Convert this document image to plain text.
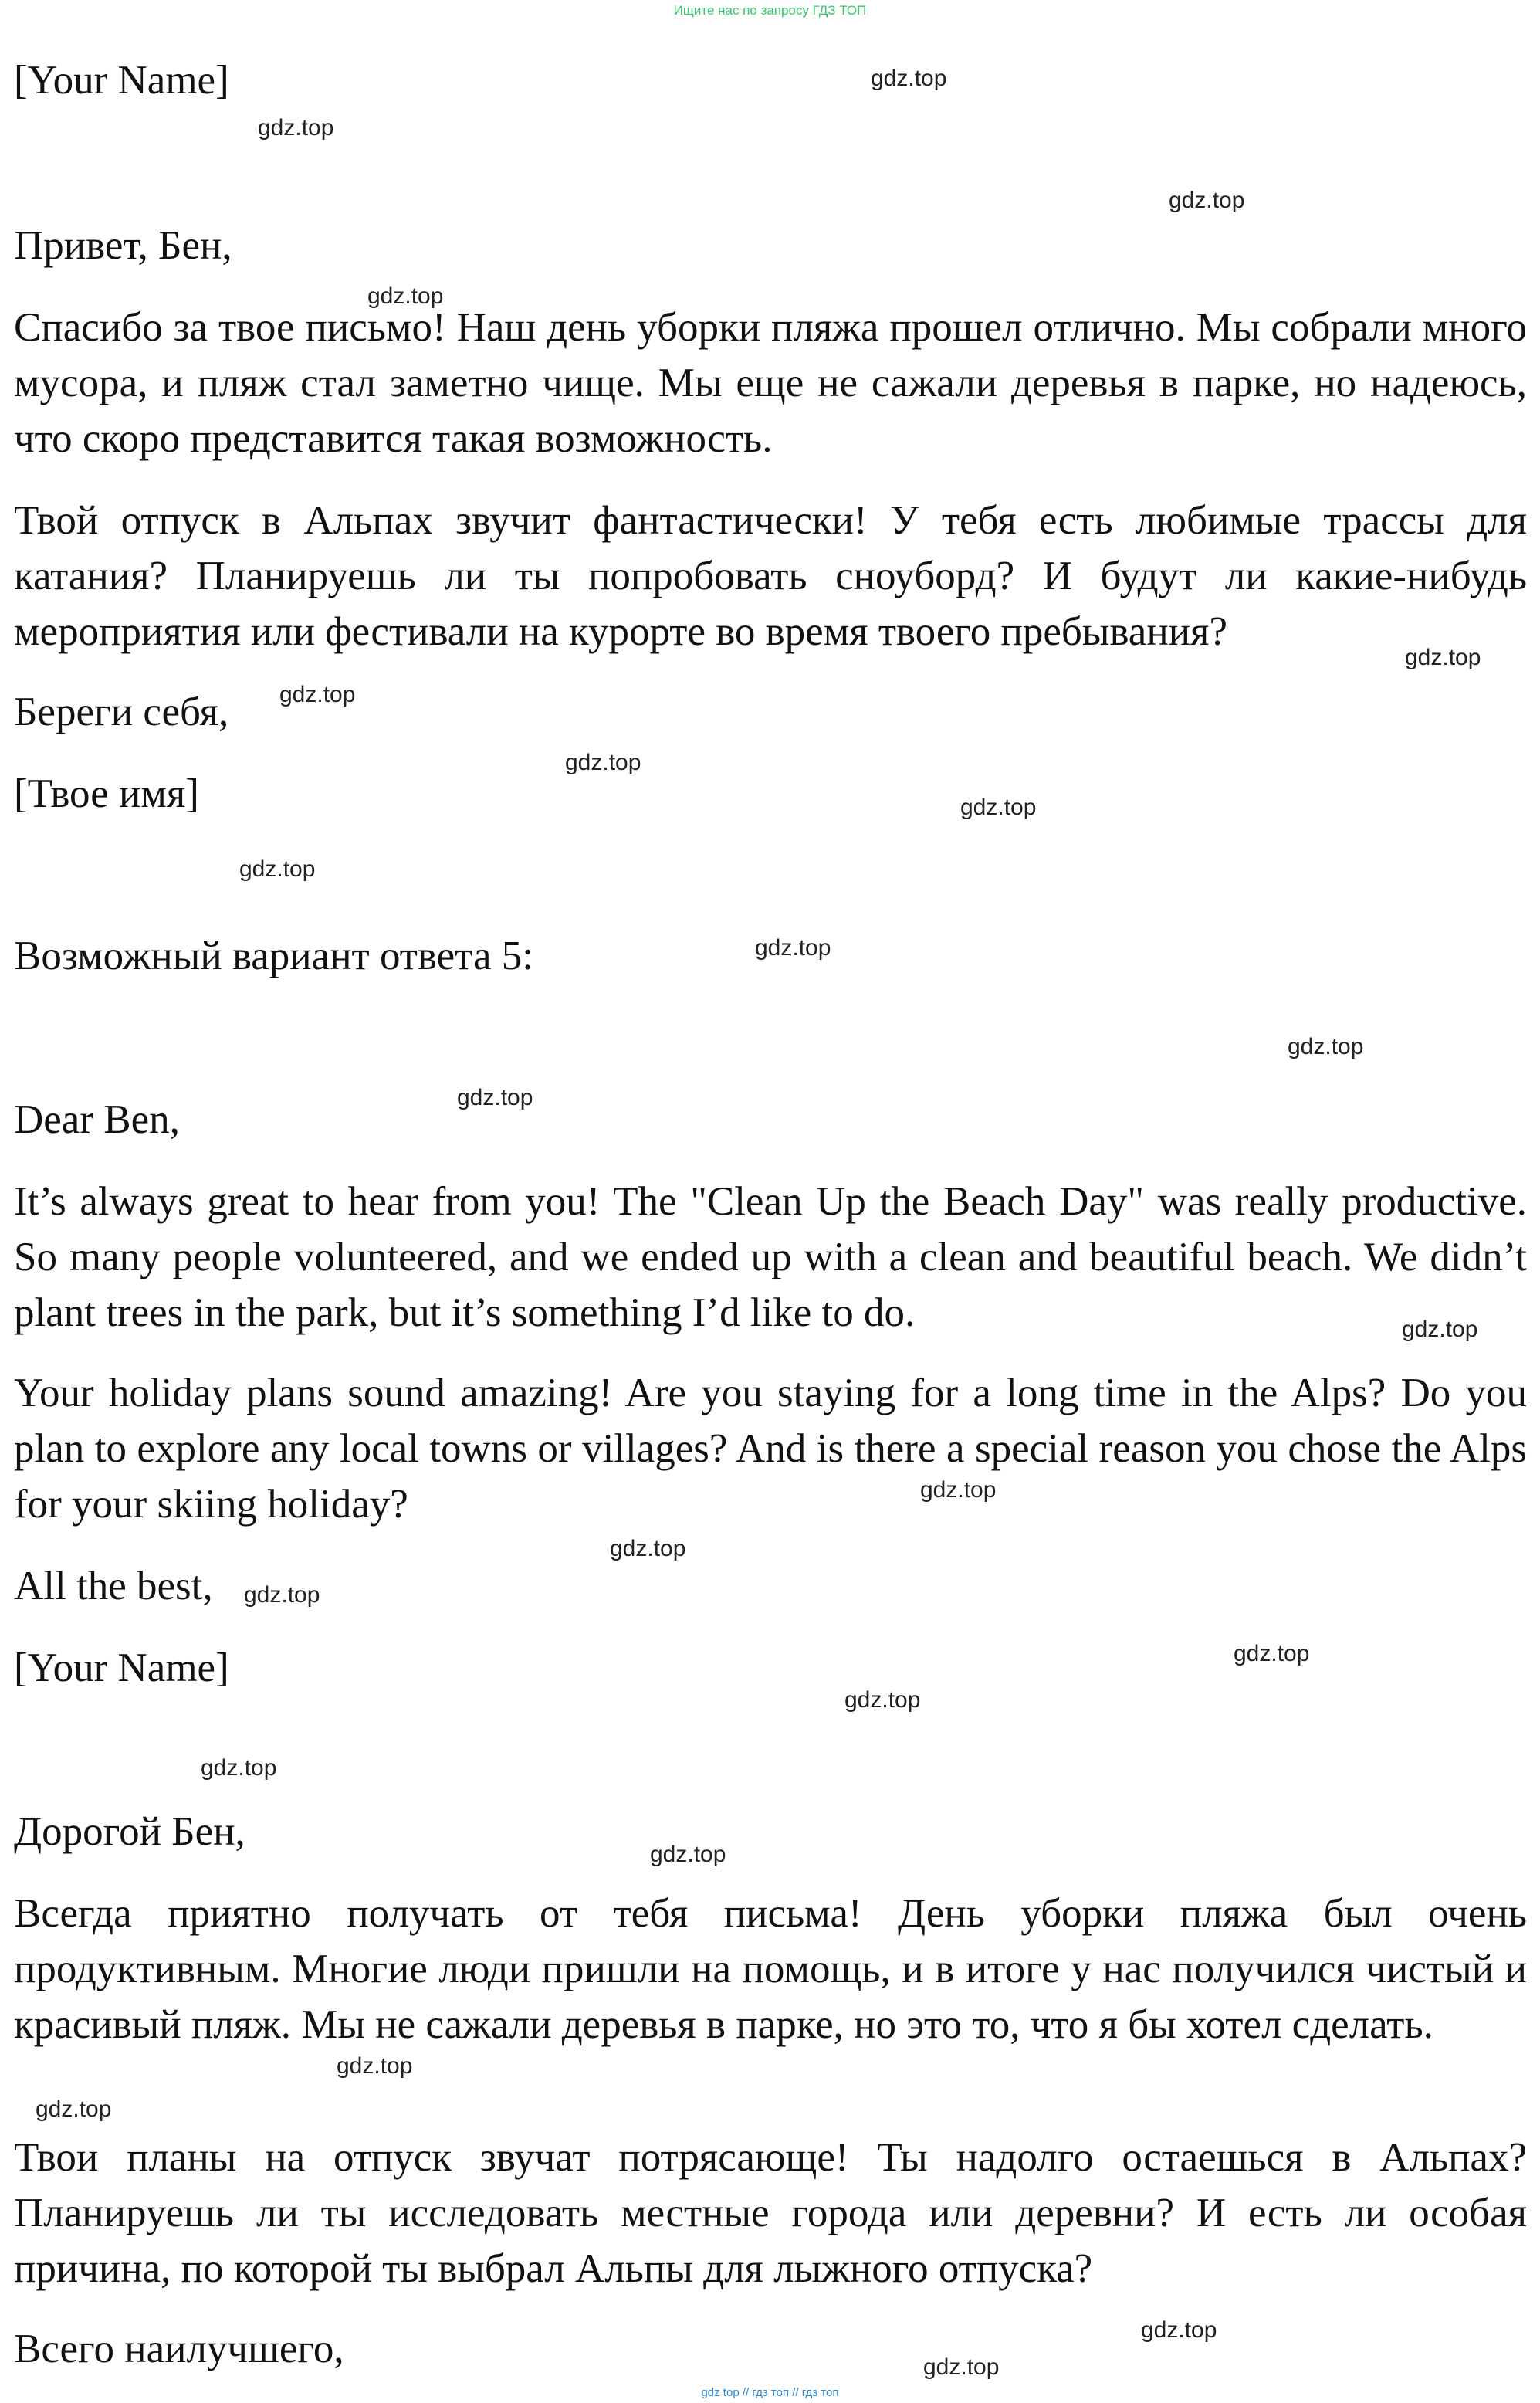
Ищите нас по запросу ГДЗ ТОП
[Your Name]
Привет, Бен,

Спасибо за твое письмо! Наш день уборки пляжа прошел отлично. Мы собрали много мусора, и пляж стал заметно чище. Мы еще не сажали деревья в парке, но надеюсь, что скоро представится такая возможность.

Твой отпуск в Альпах звучит фантастически! У тебя есть любимые трассы для катания? Планируешь ли ты попробовать сноуборд? И будут ли какие-нибудь мероприятия или фестивали на курорте во время твоего пребывания?

Береги себя,
[Твое имя]
Возможный вариант ответа 5:
Dear Ben,

It’s always great to hear from you! The "Clean Up the Beach Day" was really productive. So many people volunteered, and we ended up with a clean and beautiful beach. We didn’t plant trees in the park, but it’s something I’d like to do.

Your holiday plans sound amazing! Are you staying for a long time in the Alps? Do you plan to explore any local towns or villages? And is there a special reason you chose the Alps for your skiing holiday?

All the best,
[Your Name]
Дорогой Бен,

Всегда приятно получать от тебя письма! День уборки пляжа был очень продуктивным. Многие люди пришли на помощь, и в итоге у нас получился чистый и красивый пляж. Мы не сажали деревья в парке, но это то, что я бы хотел сделать.

Твои планы на отпуск звучат потрясающе! Ты надолго остаешься в Альпах? Планируешь ли ты исследовать местные города или деревни? И есть ли особая причина, по которой ты выбрал Альпы для лыжного отпуска?

Всего наилучшего,
gdz.top
gdz.top
gdz.top
gdz.top
gdz.top
gdz.top
gdz.top
gdz.top
gdz.top
gdz.top
gdz.top
gdz.top
gdz.top
gdz.top
gdz.top
gdz.top
gdz.top
gdz.top
gdz.top
gdz.top
gdz.top
gdz.top
gdz.top
gdz.top
gdz top // гдз топ // гдз топ
